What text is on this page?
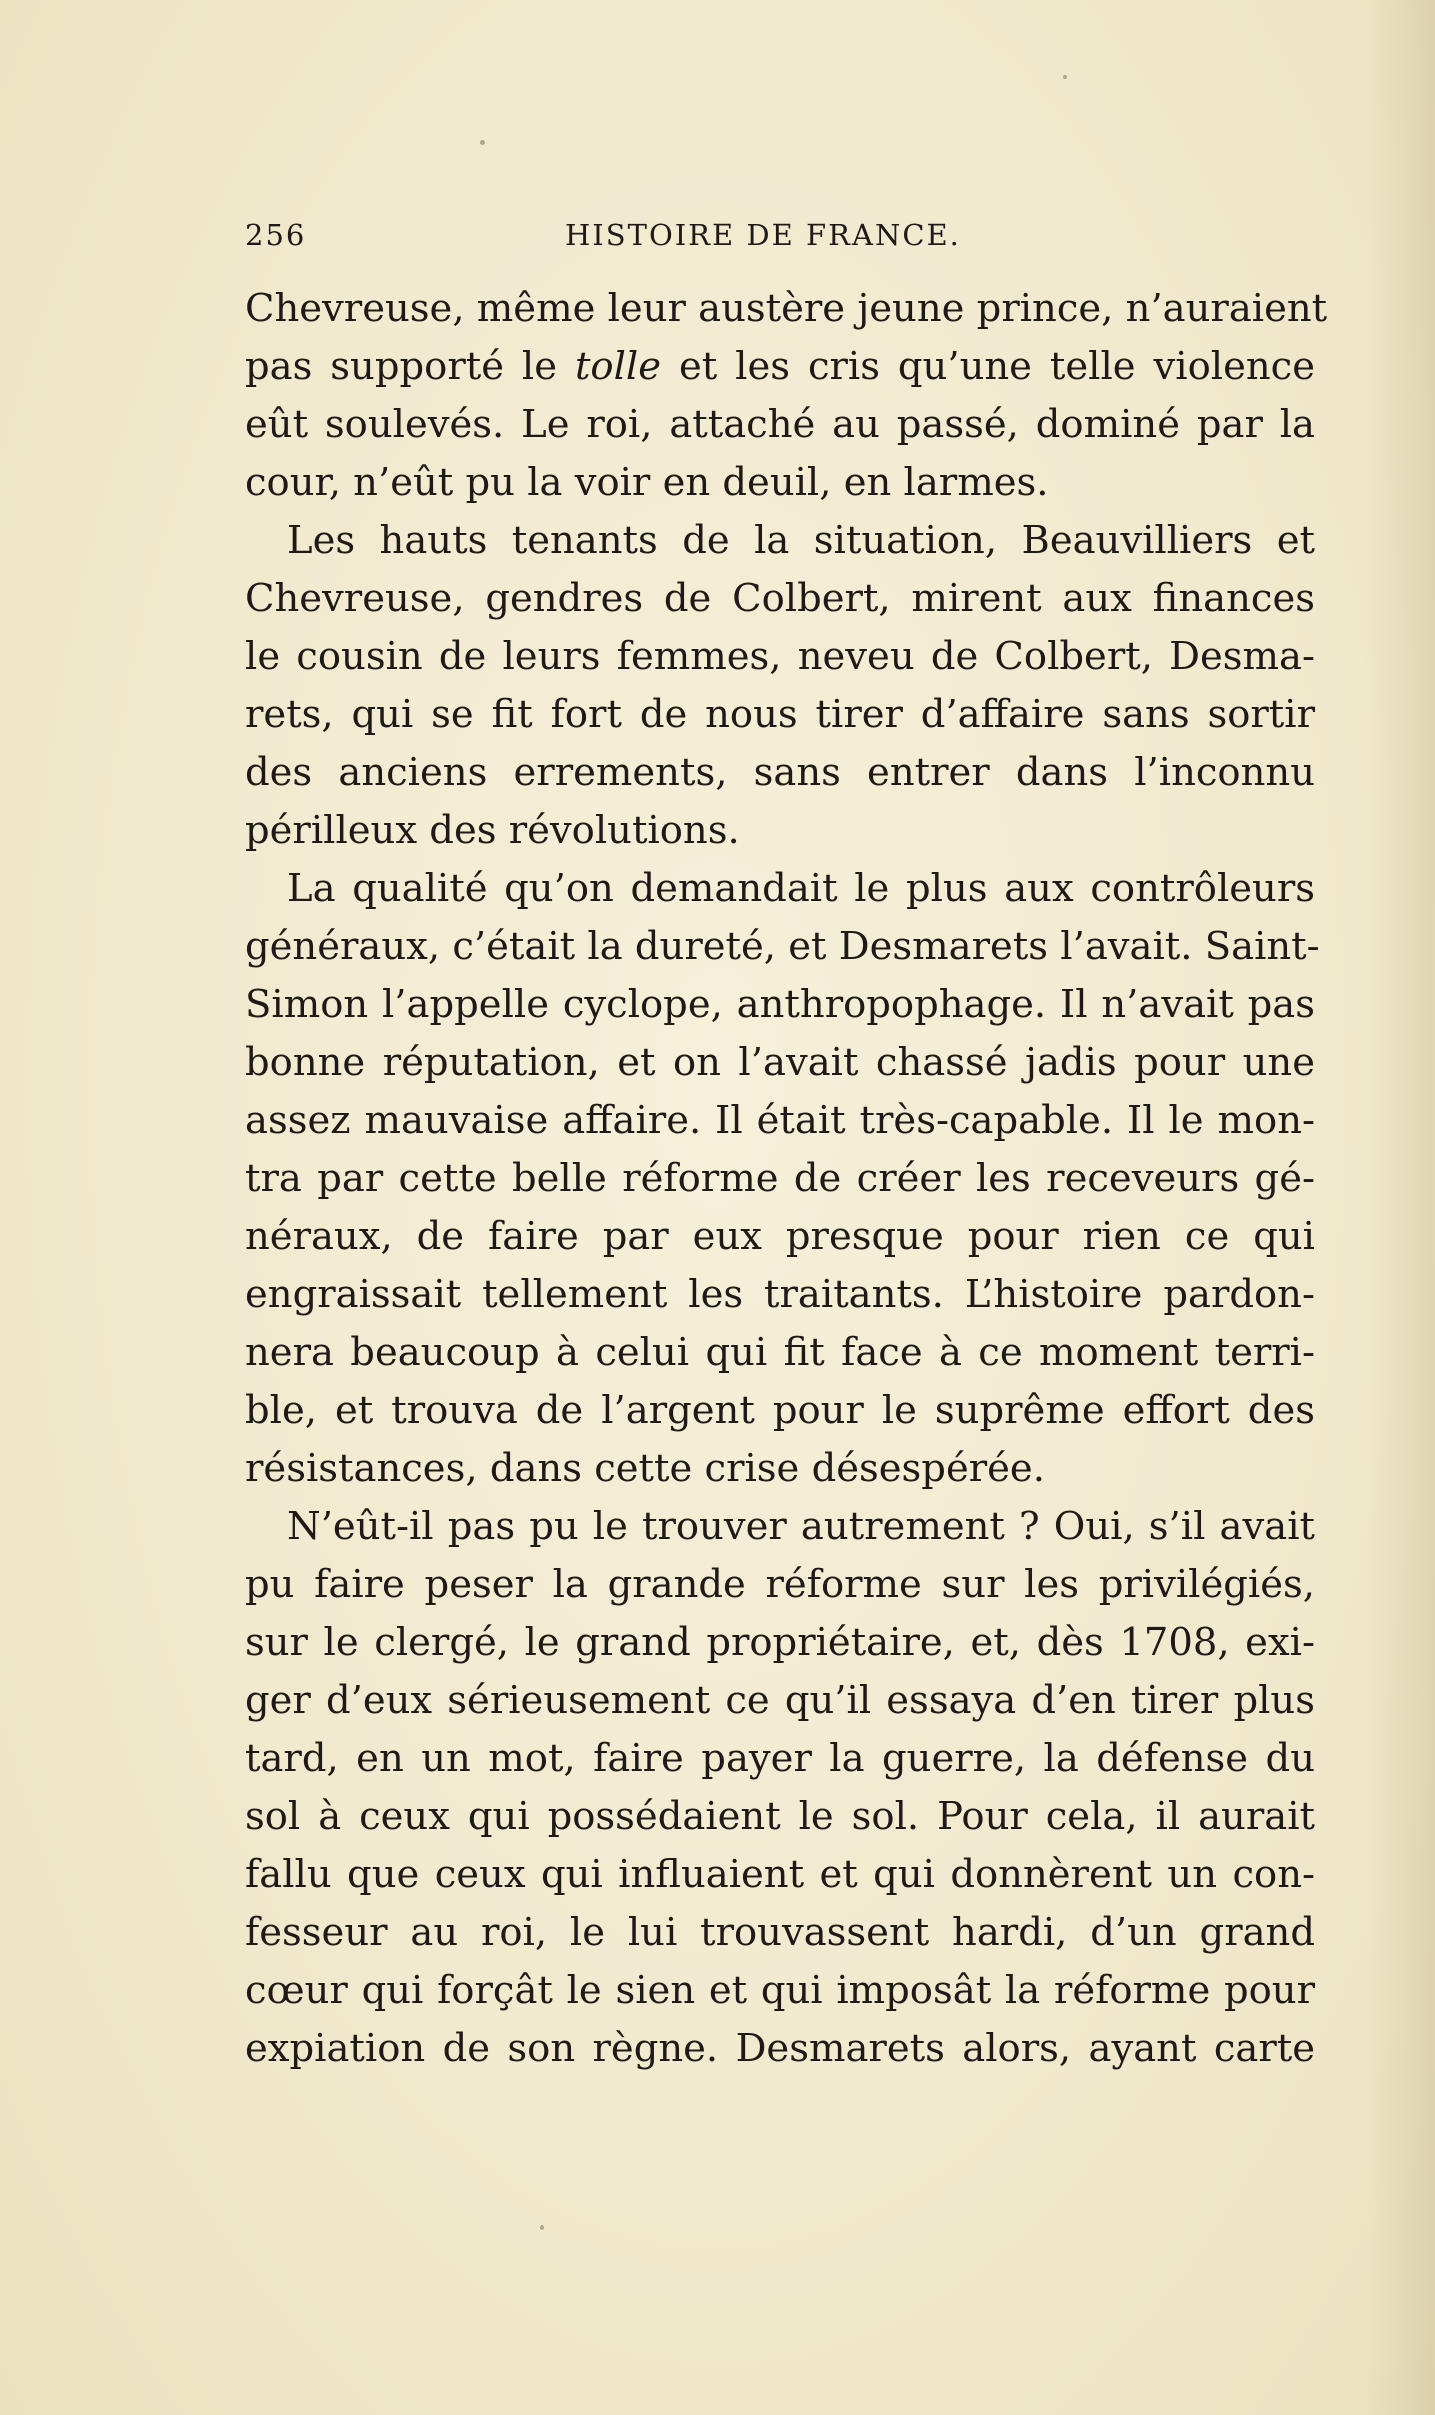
256	HISTOIRE DE FRANCE.
Chevreuse, même leur austère jeune prince, n’auraient
pas supporté le tolle et les cris qu’une telle violence
eût soulevés. Le roi, attaché au passé, dominé par la
cour, n’eût pu la voir en deuil, en larmes.
Les hauts tenants de la situation, Beauvilliers et
Chevreuse, gendres de Colbert, mirent aux finances
le cousin de leurs femmes, neveu de Colbert, Desma-
rets, qui se fit fort de nous tirer d’affaire sans sortir
des anciens errements, sans entrer dans l’inconnu
périlleux des révolutions.
La qualité qu’on demandait le plus aux contrôleurs
généraux, c’était la dureté, et Desmarets l’avait. Saint-
Simon l’appelle cyclope, anthropophage. Il n’avait pas
bonne réputation, et on l’avait chassé jadis pour une
assez mauvaise affaire. Il était très-capable. Il le mon-
tra par cette belle réforme de créer les receveurs gé-
néraux, de faire par eux presque pour rien ce qui
engraissait tellement les traitants. L’histoire pardon-
nera beaucoup à celui qui fit face à ce moment terri-
ble, et trouva de l’argent pour le suprême effort des
résistances, dans cette crise désespérée.
N’eût-il pas pu le trouver autrement ? Oui, s’il avait
pu faire peser la grande réforme sur les privilégiés,
sur le clergé, le grand propriétaire, et, dès 1708, exi-
ger d’eux sérieusement ce qu’il essaya d’en tirer plus
tard, en un mot, faire payer la guerre, la défense du
sol à ceux qui possédaient le sol. Pour cela, il aurait
fallu que ceux qui influaient et qui donnèrent un con-
fesseur au roi, le lui trouvassent hardi, d’un grand
cœur qui forçât le sien et qui imposât la réforme pour
expiation de son règne. Desmarets alors, ayant carte
